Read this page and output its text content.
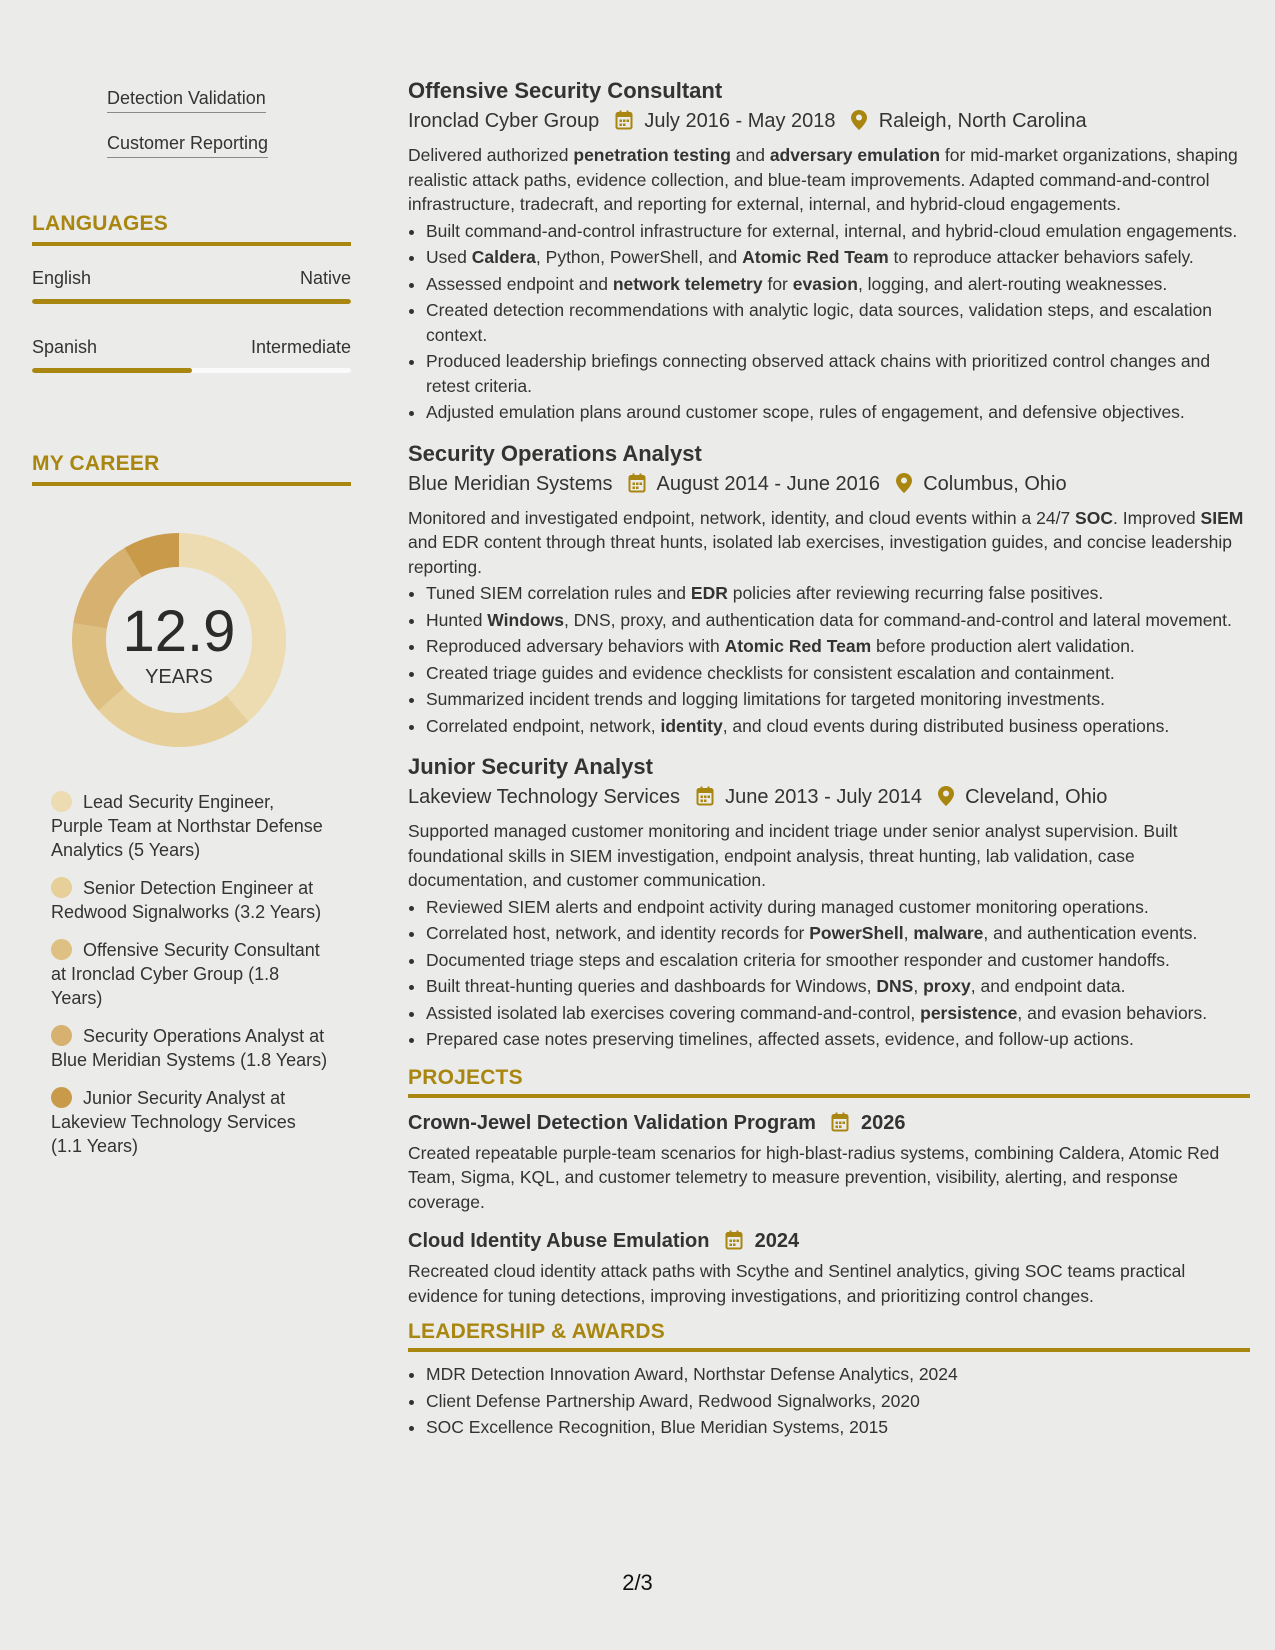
Detection Validation
Customer Reporting
LANGUAGES
English	Native
Spanish	Intermediate
MY CAREER
12.9
YEARS
Lead Security Engineer, Purple Team at Northstar Defense Analytics (5 Years)
Senior Detection Engineer at Redwood Signalworks (3.2 Years)
Offensive Security Consultant at Ironclad Cyber Group (1.8 Years)
Security Operations Analyst at Blue Meridian Systems (1.8 Years)
Junior Security Analyst at Lakeview Technology Services (1.1 Years)
Offensive Security Consultant

Ironclad Cyber Group July 2016 - May 2018 Raleigh, North Carolina

Delivered authorized penetration testing and adversary emulation for mid-market organizations, shaping realistic attack paths, evidence collection, and blue-team improvements. Adapted command-and-control infrastructure, tradecraft, and reporting for external, internal, and hybrid-cloud engagements.

• Built command-and-control infrastructure for external, internal, and hybrid-cloud emulation engagements.
• Used Caldera, Python, PowerShell, and Atomic Red Team to reproduce attacker behaviors safely.
• Assessed endpoint and network telemetry for evasion, logging, and alert-routing weaknesses.
• Created detection recommendations with analytic logic, data sources, validation steps, and escalation context.
• Produced leadership briefings connecting observed attack chains with prioritized control changes and retest criteria.
• Adjusted emulation plans around customer scope, rules of engagement, and defensive objectives.
Security Operations Analyst

Blue Meridian Systems August 2014 - June 2016 Columbus, Ohio

Monitored and investigated endpoint, network, identity, and cloud events within a 24/7 SOC. Improved SIEM and EDR content through threat hunts, isolated lab exercises, investigation guides, and concise leadership reporting.

• Tuned SIEM correlation rules and EDR policies after reviewing recurring false positives.
• Hunted Windows, DNS, proxy, and authentication data for command-and-control and lateral movement.
• Reproduced adversary behaviors with Atomic Red Team before production alert validation.
• Created triage guides and evidence checklists for consistent escalation and containment.
• Summarized incident trends and logging limitations for targeted monitoring investments.
• Correlated endpoint, network, identity, and cloud events during distributed business operations.
Junior Security Analyst

Lakeview Technology Services June 2013 - July 2014 Cleveland, Ohio

Supported managed customer monitoring and incident triage under senior analyst supervision. Built foundational skills in SIEM investigation, endpoint analysis, threat hunting, lab validation, case documentation, and customer communication.

• Reviewed SIEM alerts and endpoint activity during managed customer monitoring operations.
• Correlated host, network, and identity records for PowerShell, malware, and authentication events.
• Documented triage steps and escalation criteria for smoother responder and customer handoffs.
• Built threat-hunting queries and dashboards for Windows, DNS, proxy, and endpoint data.
• Assisted isolated lab exercises covering command-and-control, persistence, and evasion behaviors.
• Prepared case notes preserving timelines, affected assets, evidence, and follow-up actions.
PROJECTS

Crown-Jewel Detection Validation Program 2026

Created repeatable purple-team scenarios for high-blast-radius systems, combining Caldera, Atomic Red Team, Sigma, KQL, and customer telemetry to measure prevention, visibility, alerting, and response coverage.

Cloud Identity Abuse Emulation 2024

Recreated cloud identity attack paths with Scythe and Sentinel analytics, giving SOC teams practical evidence for tuning detections, improving investigations, and prioritizing control changes.

LEADERSHIP & AWARDS
• MDR Detection Innovation Award, Northstar Defense Analytics, 2024
• Client Defense Partnership Award, Redwood Signalworks, 2020
• SOC Excellence Recognition, Blue Meridian Systems, 2015
2/3
